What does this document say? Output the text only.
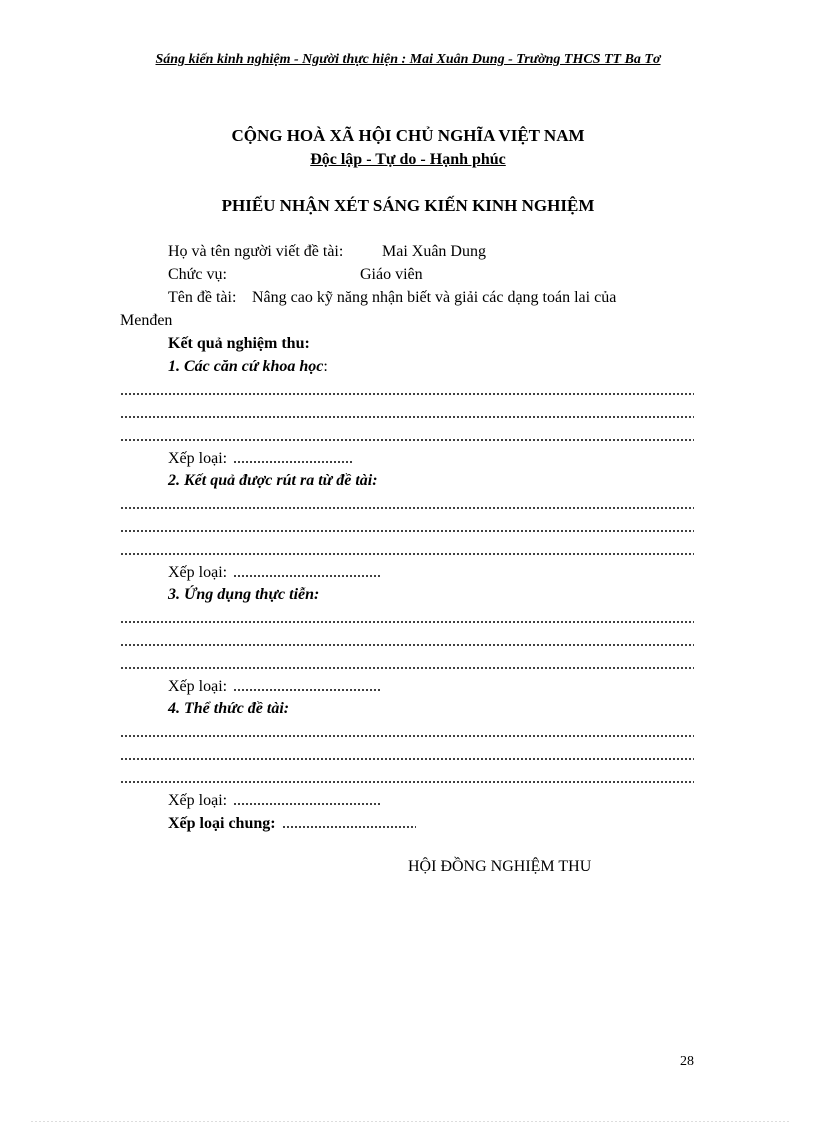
Sáng kiến kinh nghiệm - Người thực hiện : Mai Xuân Dung - Trường THCS TT Ba Tơ
CỘNG HOÀ XÃ HỘI CHỦ NGHĨA VIỆT NAM
Độc lập - Tự do - Hạnh phúc
PHIẾU NHẬN XÉT SÁNG KIẾN KINH NGHIỆM
Họ và tên người viết đề tài: Mai Xuân Dung
Chức vụ:	Giáo viên
Tên đề tài: Nâng cao kỹ năng nhận biết và giải các dạng toán lai của
Menđen
Kết quả nghiệm thu:
1. Các căn cứ khoa học:
Xếp loại:
2. Kết quả được rút ra từ đề tài:
Xếp loại:
3. Ứng dụng thực tiễn:
Xếp loại:
4. Thể thức đề tài:
Xếp loại:
Xếp loại chung:
HỘI ĐỒNG NGHIỆM THU
28
